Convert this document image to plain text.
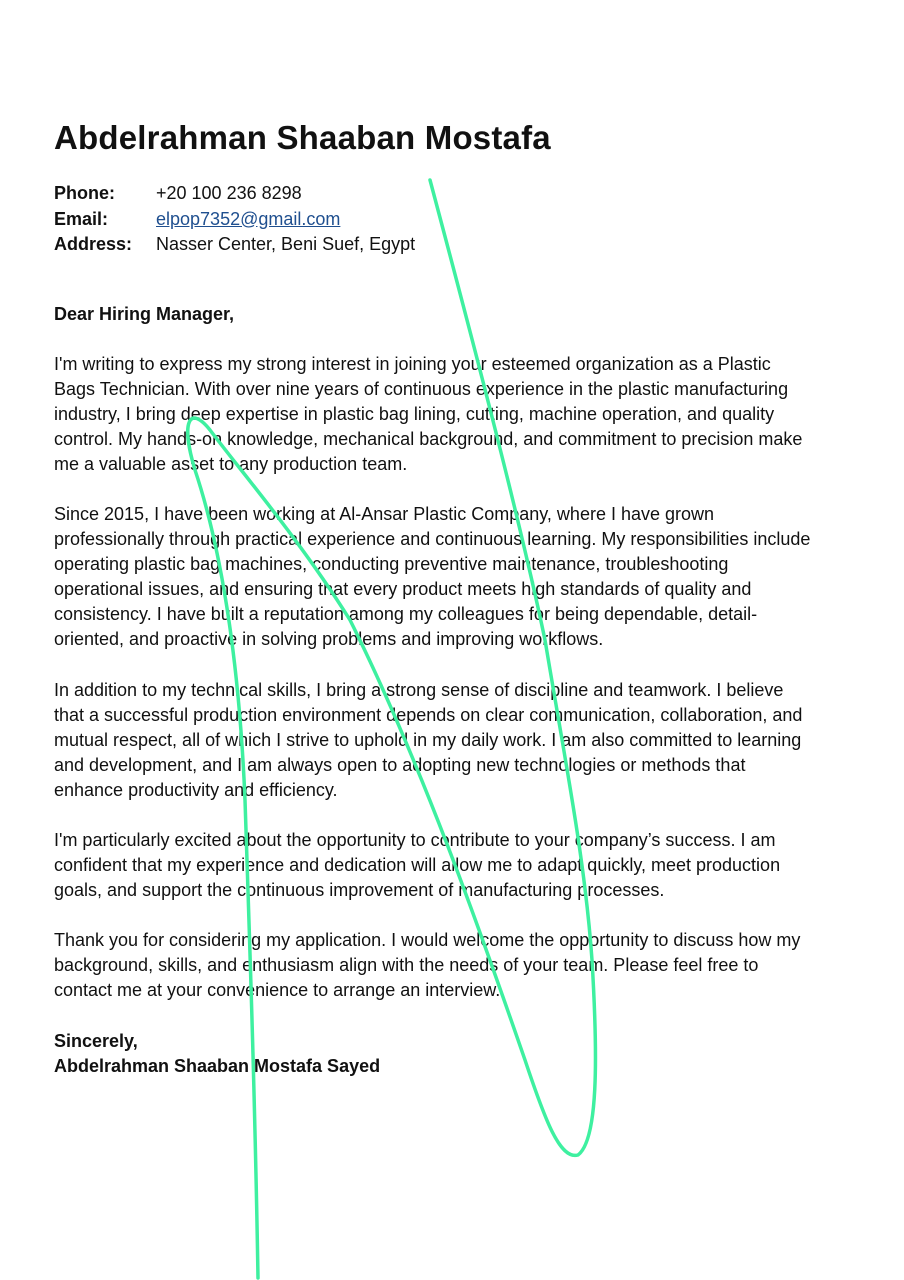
Abdelrahman Shaaban Mostafa
Phone:	+20 100 236 8298
Email:	elpop7352@gmail.com
Address:	Nasser Center, Beni Suef, Egypt
Dear Hiring Manager,

I'm writing to express my strong interest in joining your esteemed organization as a Plastic Bags Technician. With over nine years of continuous experience in the plastic manufacturing industry, I bring deep expertise in plastic bag lining, cutting, machine operation, and quality control. My hands-on knowledge, mechanical background, and commitment to precision make me a valuable asset to any production team.

Since 2015, I have been working at Al-Ansar Plastic Company, where I have grown professionally through practical experience and continuous learning. My responsibilities include operating plastic bag machines, conducting preventive maintenance, troubleshooting operational issues, and ensuring that every product meets high standards of quality and consistency. I have built a reputation among my colleagues for being dependable, detail-oriented, and proactive in solving problems and improving workflows.

In addition to my technical skills, I bring a strong sense of discipline and teamwork. I believe that a successful production environment depends on clear communication, collaboration, and mutual respect, all of which I strive to uphold in my daily work. I am also committed to learning and development, and I am always open to adopting new technologies or methods that enhance productivity and efficiency.

I'm particularly excited about the opportunity to contribute to your company’s success. I am confident that my experience and dedication will allow me to adapt quickly, meet production goals, and support the continuous improvement of manufacturing processes.

Thank you for considering my application. I would welcome the opportunity to discuss how my background, skills, and enthusiasm align with the needs of your team. Please feel free to contact me at your convenience to arrange an interview.

Sincerely,
Abdelrahman Shaaban Mostafa Sayed
